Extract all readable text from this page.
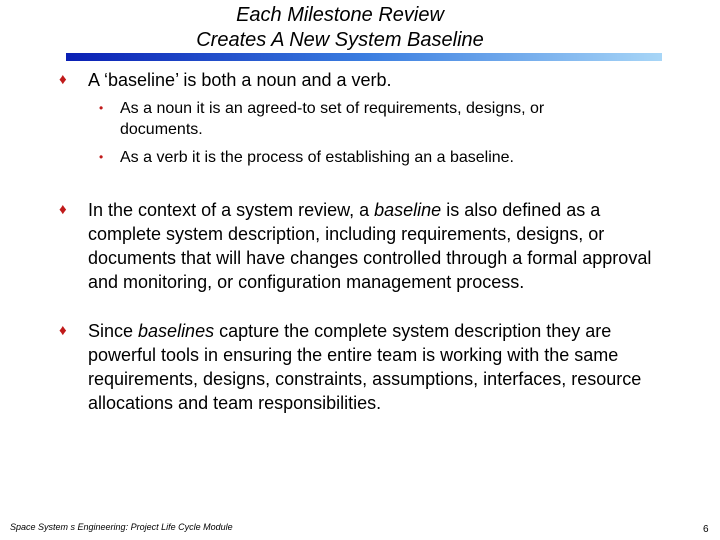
Each Milestone Review
Creates A New System Baseline
♦ A ‘baseline’ is both a noun and a verb.
• As a noun it is an agreed-to set of requirements, designs, or documents.
• As a verb it is the process of establishing an a baseline.
♦ In the context of a system review, a baseline is also defined as a complete system description, including requirements, designs, or documents that will have changes controlled through a formal approval and monitoring, or configuration management process.
♦ Since baselines capture the complete system description they are powerful tools in ensuring the entire team is working with the same requirements, designs, constraints, assumptions, interfaces, resource allocations and team responsibilities.
Space System s Engineering: Project Life Cycle Module	6
